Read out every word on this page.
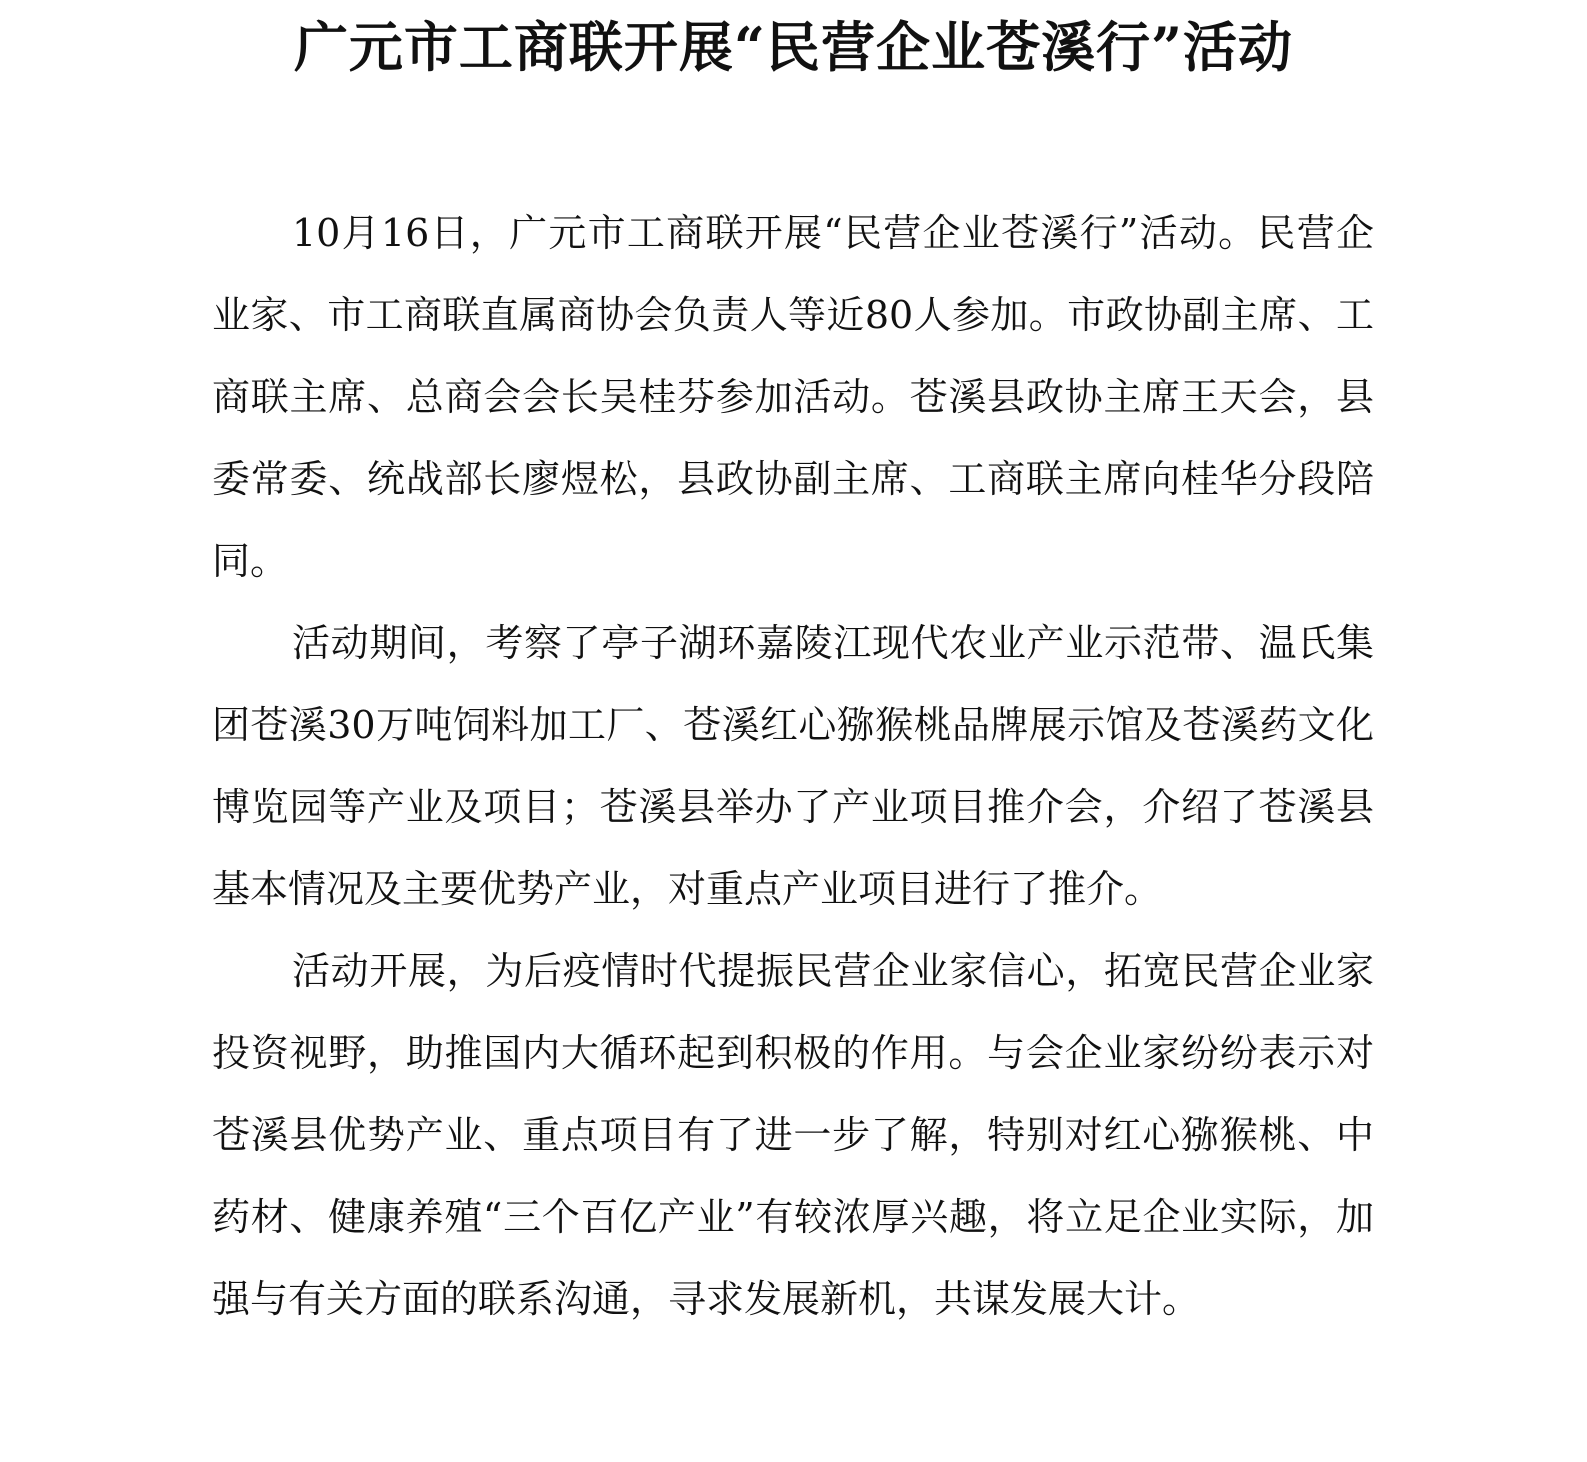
广元市工商联开展“民营企业苍溪行”活动

10月16日，广元市工商联开展“民营企业苍溪行”活动。民营企业家、市工商联直属商协会负责人等近80人参加。市政协副主席、工商联主席、总商会会长吴桂芬参加活动。苍溪县政协主席王天会，县委常委、统战部长廖煜松，县政协副主席、工商联主席向桂华分段陪同。

活动期间，考察了亭子湖环嘉陵江现代农业产业示范带、温氏集团苍溪30万吨饲料加工厂、苍溪红心猕猴桃品牌展示馆及苍溪药文化博览园等产业及项目；苍溪县举办了产业项目推介会，介绍了苍溪县基本情况及主要优势产业，对重点产业项目进行了推介。

活动开展，为后疫情时代提振民营企业家信心，拓宽民营企业家投资视野，助推国内大循环起到积极的作用。与会企业家纷纷表示对苍溪县优势产业、重点项目有了进一步了解，特别对红心猕猴桃、中药材、健康养殖“三个百亿产业”有较浓厚兴趣，将立足企业实际，加强与有关方面的联系沟通，寻求发展新机，共谋发展大计。
